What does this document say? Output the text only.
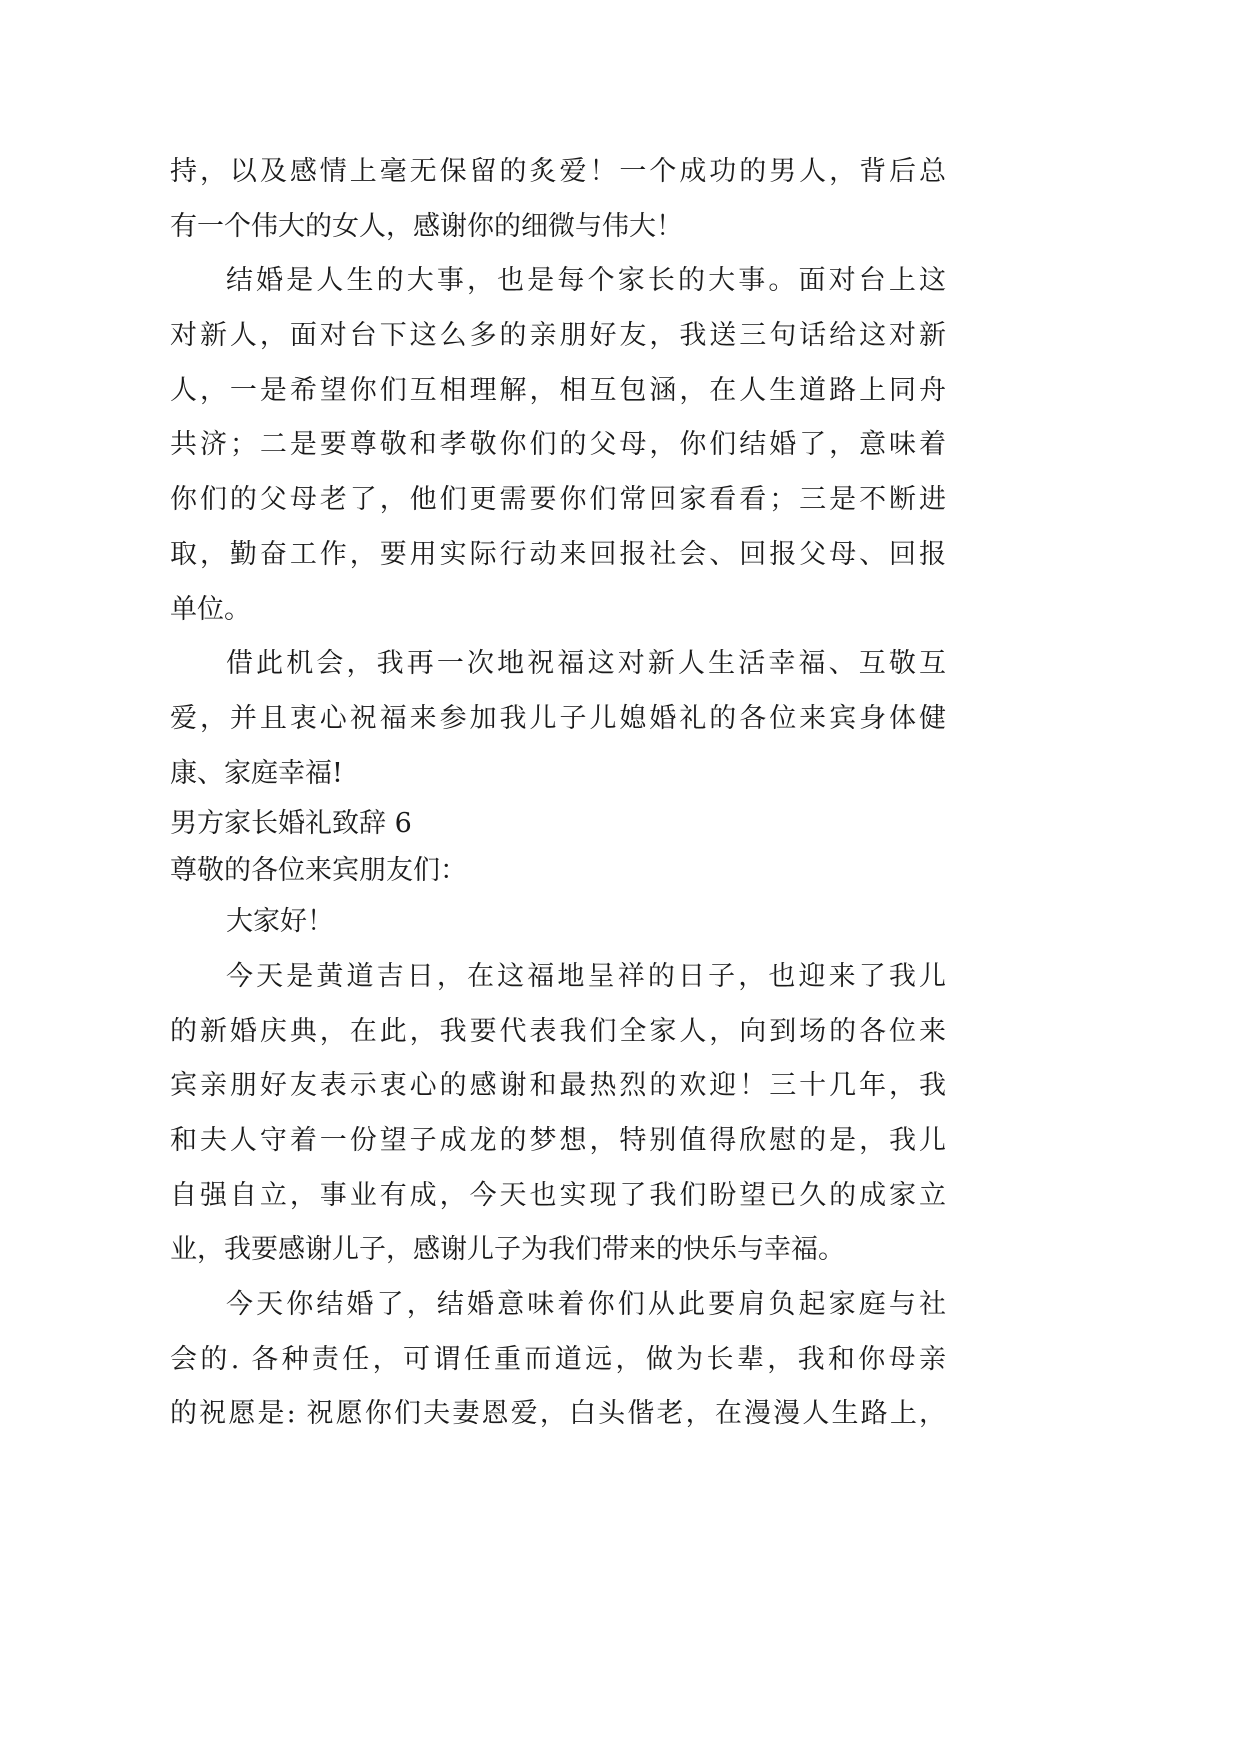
持，以及感情上毫无保留的炙爱！一个成功的男人，背后总
有一个伟大的女人，感谢你的细微与伟大！
结婚是人生的大事，也是每个家长的大事。面对台上这
对新人，面对台下这么多的亲朋好友，我送三句话给这对新
人，一是希望你们互相理解，相互包涵，在人生道路上同舟
共济；二是要尊敬和孝敬你们的父母，你们结婚了，意味着
你们的父母老了，他们更需要你们常回家看看；三是不断进
取，勤奋工作，要用实际行动来回报社会、回报父母、回报
单位。
借此机会，我再一次地祝福这对新人生活幸福、互敬互
爱，并且衷心祝福来参加我儿子儿媳婚礼的各位来宾身体健
康、家庭幸福!
男方家长婚礼致辞 6
尊敬的各位来宾朋友们：
大家好！
今天是黄道吉日，在这福地呈祥的日子，也迎来了我儿
的新婚庆典，在此，我要代表我们全家人，向到场的各位来
宾亲朋好友表示衷心的感谢和最热烈的欢迎！三十几年，我
和夫人守着一份望子成龙的梦想，特别值得欣慰的是，我儿
自强自立，事业有成，今天也实现了我们盼望已久的成家立
业，我要感谢儿子，感谢儿子为我们带来的快乐与幸福。
今天你结婚了，结婚意味着你们从此要肩负起家庭与社
会的. 各种责任，可谓任重而道远，做为长辈，我和你母亲
的祝愿是: 祝愿你们夫妻恩爱，白头偕老，在漫漫人生路上，
